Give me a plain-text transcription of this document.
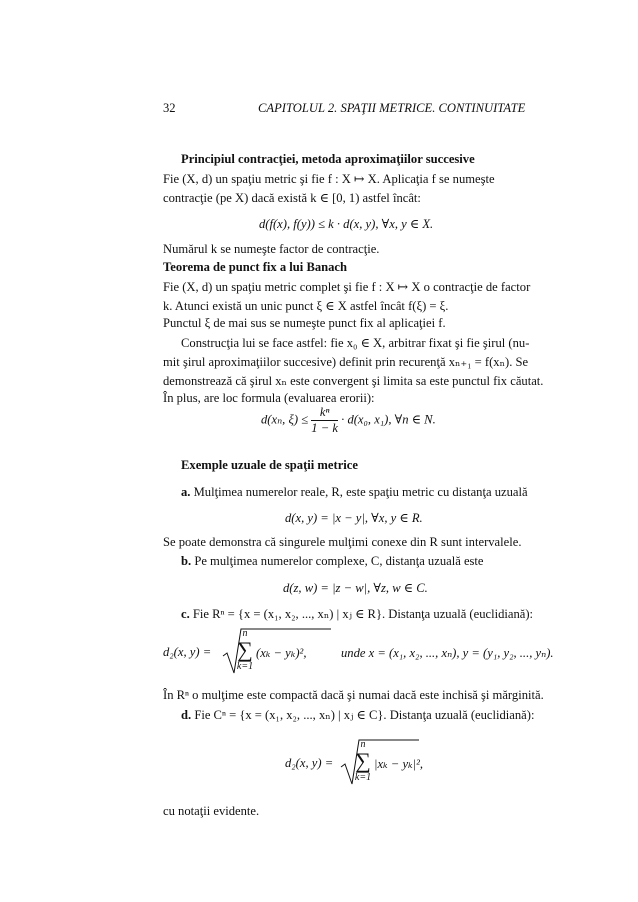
32	CAPITOLUL 2. SPAŢII METRICE. CONTINUITATE
Principiul contracţiei, metoda aproximaţiilor succesive
Fie (X, d) un spaţiu metric şi fie f : X ↦ X. Aplicaţia f se numeşte
contracţie (pe X) dacă există k ∈ [0, 1) astfel încât:
d(f(x), f(y)) ≤ k · d(x, y), ∀x, y ∈ X.
Numărul k se numeşte factor de contracţie.
Teorema de punct fix a lui Banach
Fie (X, d) un spaţiu metric complet şi fie f : X ↦ X o contracţie de factor
k. Atunci există un unic punct ξ ∈ X astfel încât f(ξ) = ξ.
Punctul ξ de mai sus se numeşte punct fix al aplicaţiei f.
Construcţia lui se face astfel: fie x₀ ∈ X, arbitrar fixat şi fie şirul (nu-
mit şirul aproximaţiilor succesive) definit prin recurenţă xₙ₊₁ = f(xₙ). Se
demonstrează că şirul xₙ este convergent şi limita sa este punctul fix căutat.
În plus, are loc formula (evaluarea erorii):
d(xₙ, $\xi) \le \frac{\text{kⁿ}}{1 - k} \cdot d(x_0$, x₁), ∀n ∈ N.
Exemple uzuale de spaţii metrice
a. Mulţimea numerelor reale, R, este spaţiu metric cu distanţa uzuală
d(x, y) = |x − y|, ∀x, y ∈ R.
Se poate demonstra că singurele mulţimi conexe din R sunt intervalele.
b. Pe mulţimea numerelor complexe, C, distanţa uzuală este
d(z, w) = |z − w|, ∀z, w ∈ C.
c. Fie Rⁿ = {x = (x₁, x₂, ..., xₙ) | xⱼ ∈ R}. Distanţa uzuală (euclidiană):
d₂(x, y) =
n
∑
k=1
(xₖ − yₖ)²,	unde x = (x₁, x₂, ..., xₙ), y = (y₁, y₂, ..., yₙ).
În Rⁿ o mulţime este compactă dacă şi numai dacă este inchisă şi mărginită.
d. Fie Cⁿ = {x = (x₁, x₂, ..., xₙ) | xⱼ ∈ C}. Distanţa uzuală (euclidiană):
d₂(x, y) =
n
∑
k=1
|xₖ − yₖ|²,
cu notaţii evidente.
